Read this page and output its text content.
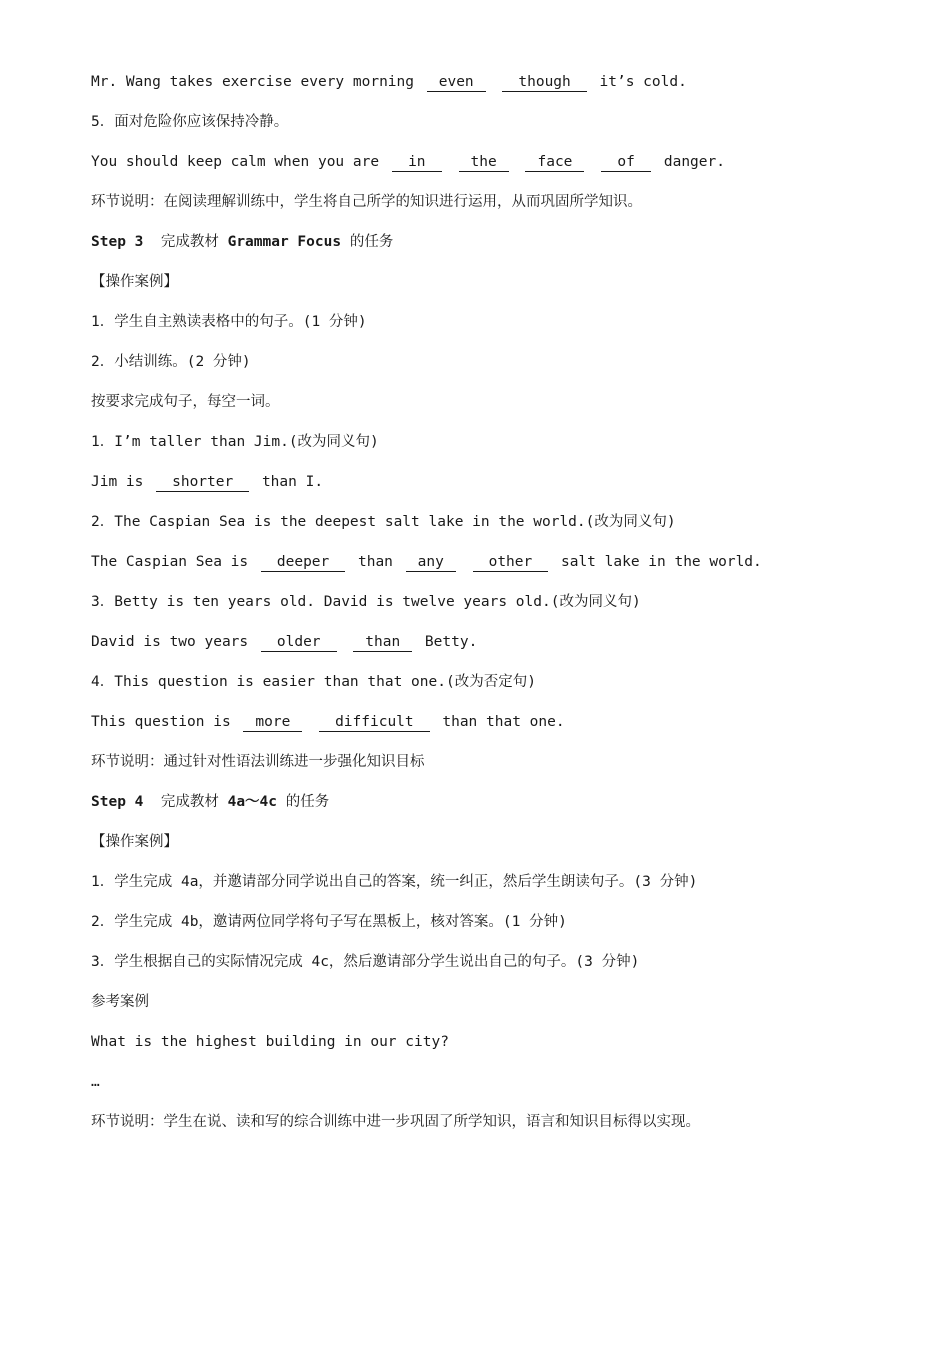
Mr. Wang takes exercise every morning even	though it’s cold.
5．面对危险你应该保持冷静。
You should keep calm when you are in	the	face	of danger.
环节说明：在阅读理解训练中，学生将自己所学的知识进行运用，从而巩固所学知识。
Step 3  完成教材 Grammar Focus 的任务
【操作案例】
1．学生自主熟读表格中的句子。(1 分钟)
2．小结训练。(2 分钟)
按要求完成句子，每空一词。
1．I’m taller than Jim.(改为同义句)
Jim is shorter than I.
2．The Caspian Sea is the deepest salt lake in the world.(改为同义句)
The Caspian Sea is deeper than any	other salt lake in the world.
3．Betty is ten years old. David is twelve years old.(改为同义句)
David is two years older	than Betty.
4．This question is easier than that one.(改为否定句)
This question is more	difficult than that one.
环节说明：通过针对性语法训练进一步强化知识目标
Step 4  完成教材 4a～4c 的任务
【操作案例】
1．学生完成 4a，并邀请部分同学说出自己的答案，统一纠正，然后学生朗读句子。(3 分钟)
2．学生完成 4b，邀请两位同学将句子写在黑板上，核对答案。(1 分钟)
3．学生根据自己的实际情况完成 4c，然后邀请部分学生说出自己的句子。(3 分钟)
参考案例
What is the highest building in our city?
…
环节说明：学生在说、读和写的综合训练中进一步巩固了所学知识，语言和知识目标得以实现。
